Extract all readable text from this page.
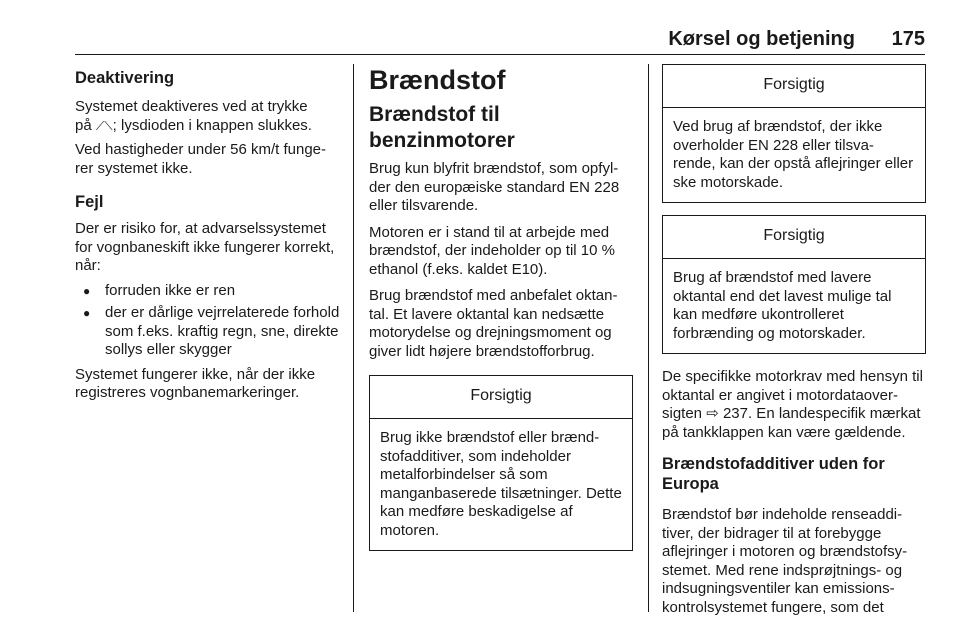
Kørsel og betjening 175
Deaktivering

Systemet deaktiveres ved at trykke
på ⟋⟍; lysdioden i knappen slukkes.

Ved hastigheder under 56 km/t funge-rer systemet ikke.

Fejl

Der er risiko for, at advarselssystemet for vognbaneskift ikke fungerer korrekt, når:

● forruden ikke er ren
● der er dårlige vejrrelaterede forhold som f.eks. kraftig regn, sne, direkte sollys eller skygger

Systemet fungerer ikke, når der ikke registreres vognbanemarkeringer.

Brændstof
Brændstof til benzinmotorer

Brug kun blyfrit brændstof, som opfyl-der den europæiske standard EN 228 eller tilsvarende.

Motoren er i stand til at arbejde med brændstof, der indeholder op til 10 % ethanol (f.eks. kaldet E10).

Brug brændstof med anbefalet oktan-tal. Et lavere oktantal kan nedsætte motorydelse og drejningsmoment og giver lidt højere brændstofforbrug.

Forsigtig
Brug ikke brændstof eller brænd-stofadditiver, som indeholder metalforbindelser så som manganbaserede tilsætninger. Dette kan medføre beskadigelse af motoren.
Forsigtig
Ved brug af brændstof, der ikke overholder EN 228 eller tilsva-rende, kan der opstå aflejringer eller ske motorskade.
Forsigtig
Brug af brændstof med lavere oktantal end det lavest mulige tal kan medføre ukontrolleret forbrænding og motorskader.

De specifikke motorkrav med hensyn til oktantal er angivet i motordataover-sigten ⇨ 237. En landespecifik mærkat på tankklappen kan være gældende.

Brændstofadditiver uden for Europa

Brændstof bør indeholde renseaddi-tiver, der bidrager til at forebygge aflejringer i motoren og brændstofsy-stemet. Med rene indsprøjtnings- og indsugningsventiler kan emissions-kontrolsystemet fungere, som det
